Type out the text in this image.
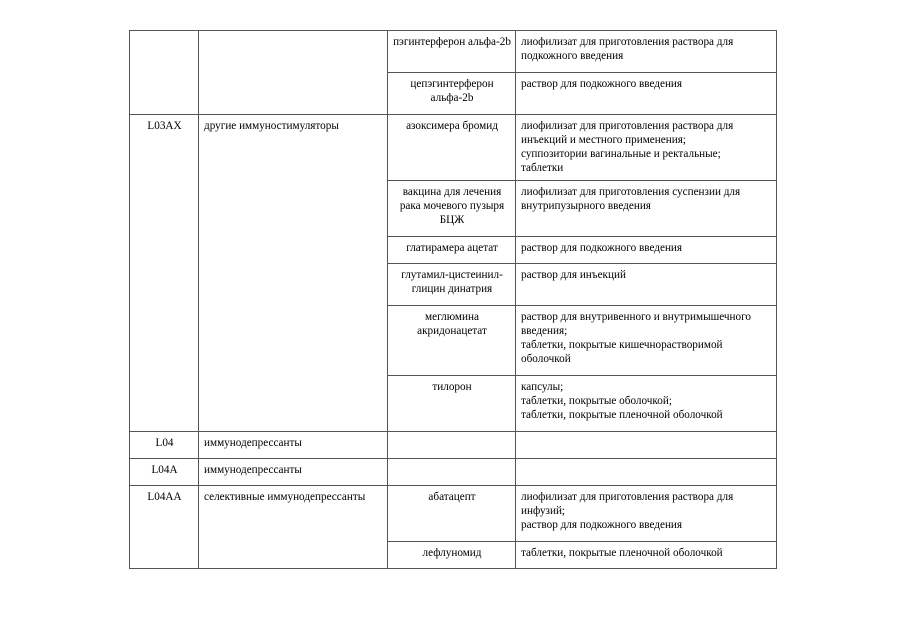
		пэгинтерферон альфа-2b	лиофилизат для приготовления раствора для подкожного введения

		цепэгинтерферон альфа-2b	раствор для подкожного введения

L03AX	другие иммуностимуляторы	азоксимера бромид	лиофилизат для приготовления раствора для инъекций и местного применения;
суппозитории вагинальные и ректальные;
таблетки

		вакцина для лечения рака мочевого пузыря БЦЖ	лиофилизат для приготовления суспензии для внутрипузырного введения

		глатирамера ацетат	раствор для подкожного введения

		глутамил-цистеинил-глицин динатрия	раствор для инъекций

		меглюмина акридонацетат	раствор для внутривенного и внутримышечного введения;
таблетки, покрытые кишечнорастворимой оболочкой

		тилорон	капсулы;
таблетки, покрытые оболочкой;
таблетки, покрытые пленочной оболочкой

L04	иммунодепрессанты		
L04A	иммунодепрессанты		
L04AA	селективные иммунодепрессанты	абатацепт	лиофилизат для приготовления раствора для инфузий;
раствор для подкожного введения

		лефлуномид	таблетки, покрытые пленочной оболочкой
